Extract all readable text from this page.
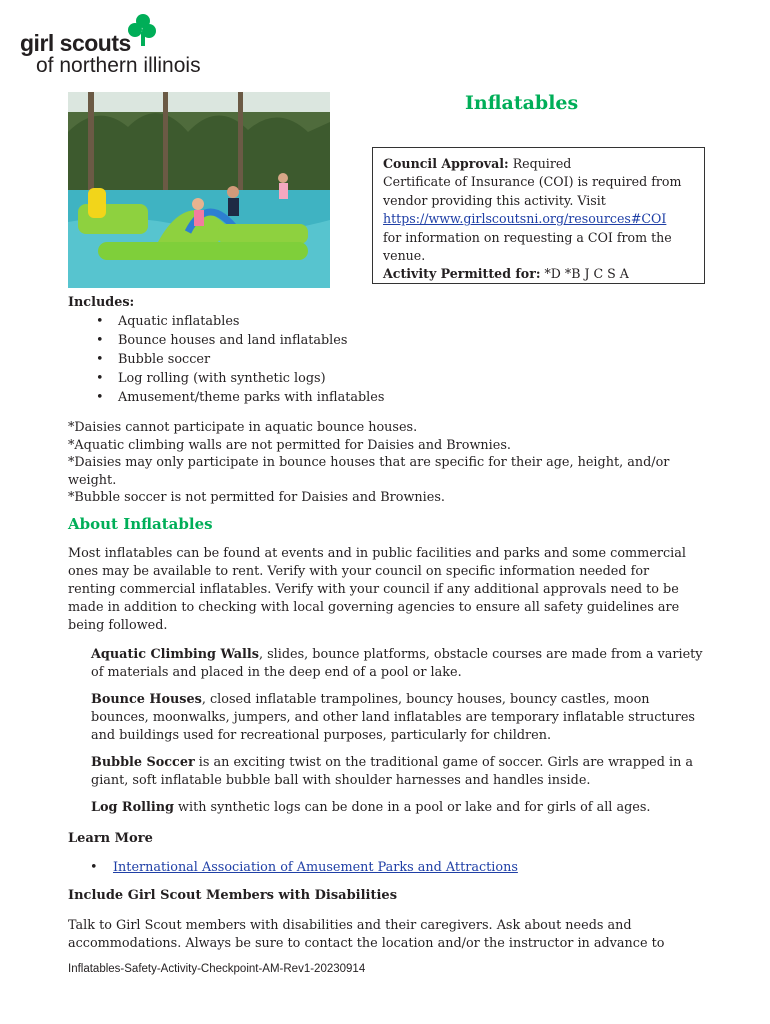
girl scouts
of northern illinois
Inflatables
Council Approval: Required
Certificate of Insurance (COI) is required from vendor providing this activity. Visit
https://www.girlscoutsni.org/resources#COI
for information on requesting a COI from the venue.
Activity Permitted for: *D *B J C S A
Includes:
• Aquatic inflatables
• Bounce houses and land inflatables
• Bubble soccer
• Log rolling (with synthetic logs)
• Amusement/theme parks with inflatables

*Daisies cannot participate in aquatic bounce houses.

*Aquatic climbing walls are not permitted for Daisies and Brownies.

*Daisies may only participate in bounce houses that are specific for their age, height, and/or weight.

*Bubble soccer is not permitted for Daisies and Brownies.

About Inflatables

Most inflatables can be found at events and in public facilities and parks and some commercial ones may be available to rent. Verify with your council on specific information needed for renting commercial inflatables. Verify with your council if any additional approvals need to be made in addition to checking with local governing agencies to ensure all safety guidelines are being followed.

Aquatic Climbing Walls, slides, bounce platforms, obstacle courses are made from a variety of materials and placed in the deep end of a pool or lake.

Bounce Houses, closed inflatable trampolines, bouncy houses, bouncy castles, moon bounces, moonwalks, jumpers, and other land inflatables are temporary inflatable structures and buildings used for recreational purposes, particularly for children.

Bubble Soccer is an exciting twist on the traditional game of soccer. Girls are wrapped in a giant, soft inflatable bubble ball with shoulder harnesses and handles inside.

Log Rolling with synthetic logs can be done in a pool or lake and for girls of all ages.

Learn More
• International Association of Amusement Parks and Attractions
Include Girl Scout Members with Disabilities

Talk to Girl Scout members with disabilities and their caregivers. Ask about needs and accommodations. Always be sure to contact the location and/or the instructor in advance to

Inflatables-Safety-Activity-Checkpoint-AM-Rev1-20230914
